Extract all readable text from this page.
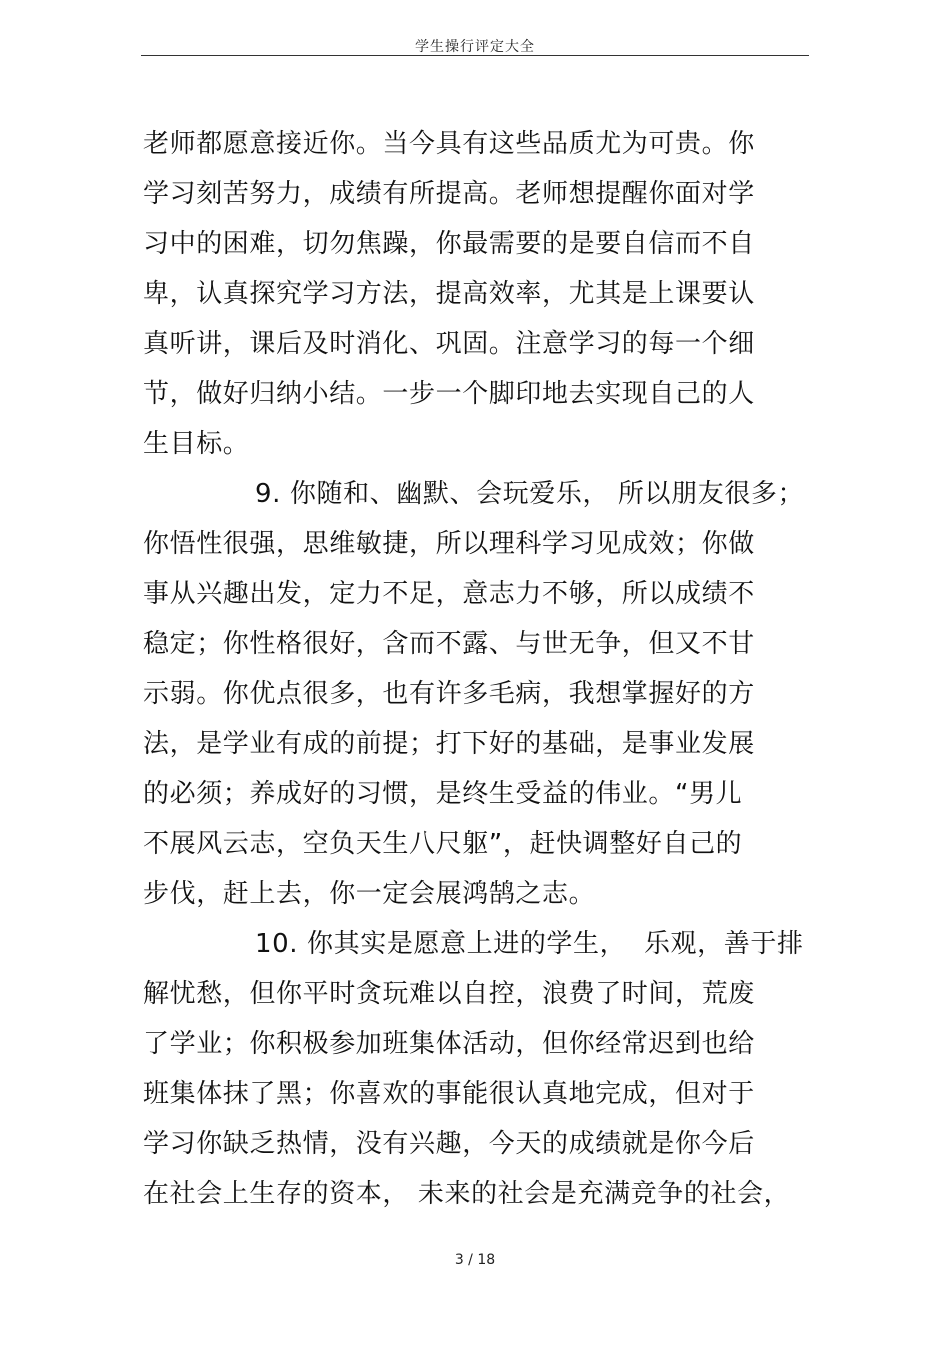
学生操行评定大全
老师都愿意接近你。当今具有这些品质尤为可贵。你
学习刻苦努力，成绩有所提高。老师想提醒你面对学
习中的困难，切勿焦躁，你最需要的是要自信而不自
卑，认真探究学习方法，提高效率，尤其是上课要认
真听讲，课后及时消化、巩固。注意学习的每一个细
节，做好归纳小结。一步一个脚印地去实现自己的人
生目标。
9. 你随和、幽默、会玩爱乐， 所以朋友很多；
你悟性很强，思维敏捷，所以理科学习见成效；你做
事从兴趣出发，定力不足，意志力不够，所以成绩不
稳定；你性格很好，含而不露、与世无争，但又不甘
示弱。你优点很多，也有许多毛病，我想掌握好的方
法，是学业有成的前提；打下好的基础，是事业发展
的必须；养成好的习惯，是终生受益的伟业。“男儿
不展风云志，空负天生八尺躯”，赶快调整好自己的
步伐，赶上去，你一定会展鸿鹄之志。
10. 你其实是愿意上进的学生，  乐观，善于排
解忧愁，但你平时贪玩难以自控，浪费了时间，荒废
了学业；你积极参加班集体活动，但你经常迟到也给
班集体抹了黑；你喜欢的事能很认真地完成，但对于
学习你缺乏热情，没有兴趣，今天的成绩就是你今后
在社会上生存的资本， 未来的社会是充满竞争的社会，
3 / 18
